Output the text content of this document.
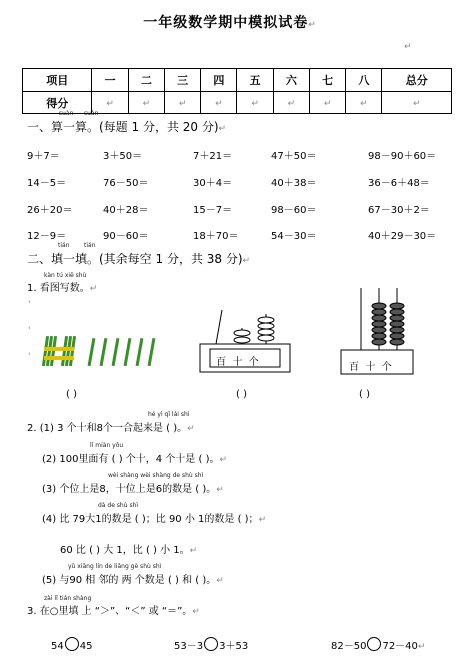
一年级数学期中模拟试卷↵
↵
项目	一	二	三	四	五	六	七	八	总分
得分	↵	↵	↵	↵	↵	↵	↵	↵	↵
suàn suàn
一、算一算。(每题 1 分，共 20 分)↵
9＋7＝	3＋50＝	7＋21＝	47＋50＝	98－90＋60＝
14－5＝	76－50＝	30＋4＝	40＋38＝	36－6＋48＝
26＋20＝	40＋28＝	15－7＝	98－60＝	67－30＋2＝
12－9＝	90－60＝	18＋70＝	54－30＝	40＋29－30＝
tián tián
二、填一填。(其余每空 1 分，共 38 分)↵
kàn tú xiě shù
1. 看图写数。↵
'
'
'	百 十 个	百 十 个
( )	( )	( )
hé yì qǐ lái shì
2. (1) 3 个十和8个一合起来是 ( )。↵
lǐ miàn yǒu
(2) 100里面有 ( ) 个十，4 个十是 ( )。↵
wèi shàng wèi shàng de shù shì
(3) 个位上是8，十位上是6的数是 ( )。↵
dà de shù shì
(4) 比 79大1的数是 ( )；比 90 小 1的数是 ( )；↵
60 比 ( ) 大 1，比 ( ) 小 1。↵
yǔ xiāng lín de liǎng gè shù shì
(5) 与90 相 邻的 两 个数是 ( ) 和 ( )。↵
zài lǐ tián shàng
3. 在○里填 上 “＞”、“＜” 或 “＝”。↵
54 45	53－3 3＋53	82－50 72－40↵
